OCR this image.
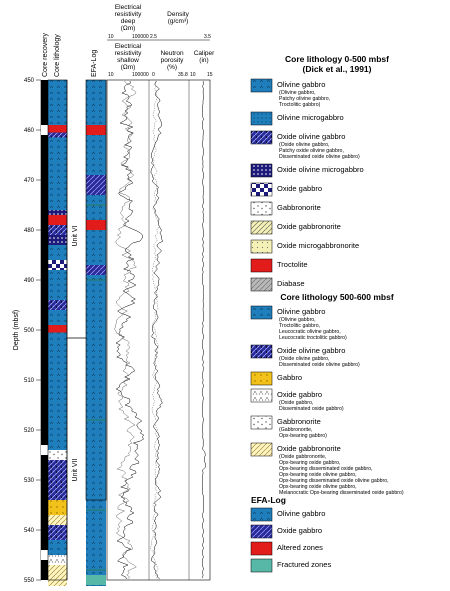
Core recovery Core lithology	EFA-Log
Electrical
resistivity
deep
(Ωm)
Density
(g/cm³)
10	100000 2.5	3.5
Electrical
resistivity
shallow
(Ωm)
Neutron
porosity
(%)
Caliper
(in)
10	100000 0	35.8 10 15
Depth (mbsf)
450
460
470
480
490
500
510
520
530
540
550
Unit VI
Unit VII
Core lithology 0-500 mbsf
(Dick et al., 1991)
Olivine gabbro
(Olivine gabbro,
Patchy olivine gabbro,
Troctolitic gabbro)
Olivine microgabbro
Oxide olivine gabbro
(Oxide olivine gabbro,
Patchy oxide olivine gabbro,
Disseminated oxide olivine gabbro)
Oxide olivine microgabbro
Oxide gabbro
Gabbronorite
Oxide gabbronorite
Oxide microgabbronorite
Troctolite
Diabase
Core lithology 500-600 mbsf
Olivine gabbro
(Olivine gabbro,
Troctolitic gabbro,
Leucocratic olivine gabbro,
Leucocratic troctolitic gabbro)
Oxide olivine gabbro
(Oxide olivine gabbro,
Disseminated oxide olivine gabbro)
Gabbro
Oxide gabbro
(Oxide gabbro,
Disseminated oxide gabbro)
Gabbronorite
(Gabbronorite,
Opx-bearing gabbro)
Oxide gabbronorite
(Oxide gabbronorite,
Opx-bearing oxide gabbro,
Opx-bearing disseminated oxide gabbro,
Opx-bearing oxide olivine gabbro,
Opx-bearing disseminated oxide olivine gabbro,
Opx-bearing oxide olivine gabbro,
Melanocratic Opx-bearing disseminated oxide gabbro)
EFA-Log
Olivine gabbro
Oxide gabbro
Altered zones
Fractured zones
